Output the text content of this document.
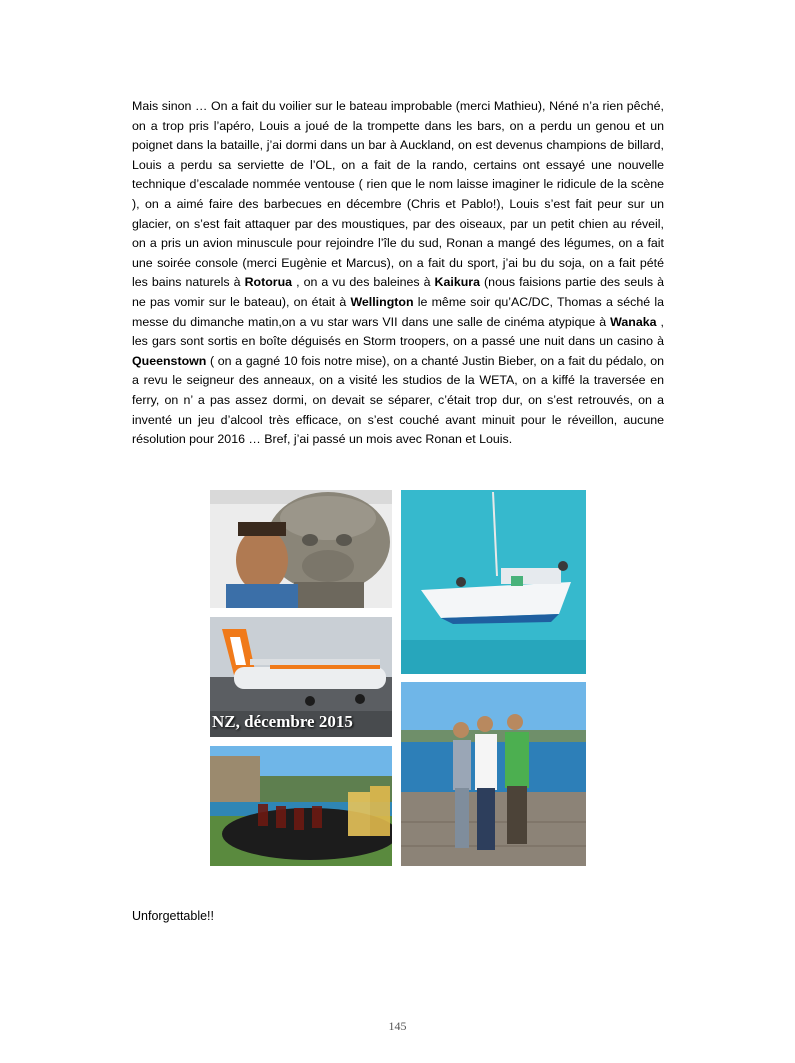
Mais sinon … On a fait du voilier sur le bateau improbable (merci Mathieu), Néné n’a rien pêché, on a trop pris l’apéro, Louis a joué de la trompette dans les bars, on a perdu un genou et un poignet dans la bataille, j’ai dormi dans un bar à Auckland, on est devenus champions de billard, Louis a perdu sa serviette de l’OL, on a fait de la rando, certains ont essayé une nouvelle technique d’escalade nommée ventouse ( rien que le nom laisse imaginer le ridicule de la scène ), on a aimé faire des barbecues en décembre (Chris et Pablo!), Louis s’est fait peur sur un glacier, on s’est fait attaquer par des moustiques, par des oiseaux, par un petit chien au réveil, on a pris un avion minuscule pour rejoindre l’île du sud, Ronan a mangé des légumes, on a fait une soirée console (merci Eugènie et Marcus), on a fait du sport, j’ai bu du soja, on a fait pété les bains naturels à Rotorua , on a vu des baleines à Kaikura (nous faisions partie des seuls à ne pas vomir sur le bateau), on était à Wellington le même soir qu’AC/DC, Thomas a séché la messe du dimanche matin,on a vu star wars VII dans une salle de cinéma atypique à Wanaka , les gars sont sortis en boîte déguisés en Storm troopers, on a passé une nuit dans un casino à Queenstown ( on a gagné 10 fois notre mise), on a chanté Justin Bieber, on a fait du pédalo, on a revu le seigneur des anneaux, on a visité les studios de la WETA, on a kiffé la traversée en ferry, on n’ a pas assez dormi, on devait se séparer, c’était trop dur, on s’est retrouvés, on a inventé un jeu d’alcool très efficace, on s’est couché avant minuit pour le réveillon, aucune résolution pour 2016 … Bref, j’ai passé un mois avec Ronan et Louis.
NZ, décembre 2015
Unforgettable!!
145
